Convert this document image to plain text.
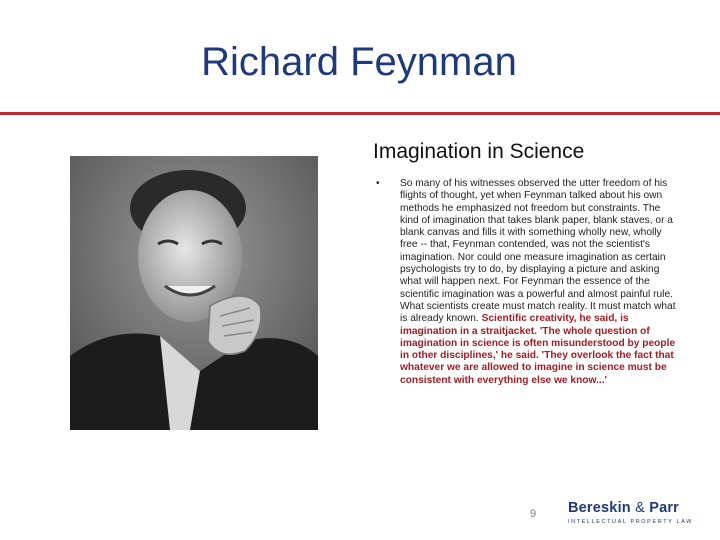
Richard Feynman
Imagination in Science
• So many of his witnesses observed the utter freedom of his flights of thought, yet when Feynman talked about his own methods he emphasized not freedom but constraints. The kind of imagination that takes blank paper, blank staves, or a blank canvas and fills it with something wholly new, wholly free -- that, Feynman contended, was not the scientist's imagination. Nor could one measure imagination as certain psychologists try to do, by displaying a picture and asking what will happen next. For Feynman the essence of the scientific imagination was a powerful and almost painful rule. What scientists create must match reality. It must match what is already known. Scientific creativity, he said, is imagination in a straitjacket. 'The whole question of imagination in science is often misunderstood by people in other disciplines,' he said. 'They overlook the fact that whatever we are allowed to imagine in science must be consistent with everything else we know...'
9 Bereskin & Parr
INTELLECTUAL PROPERTY LAW
